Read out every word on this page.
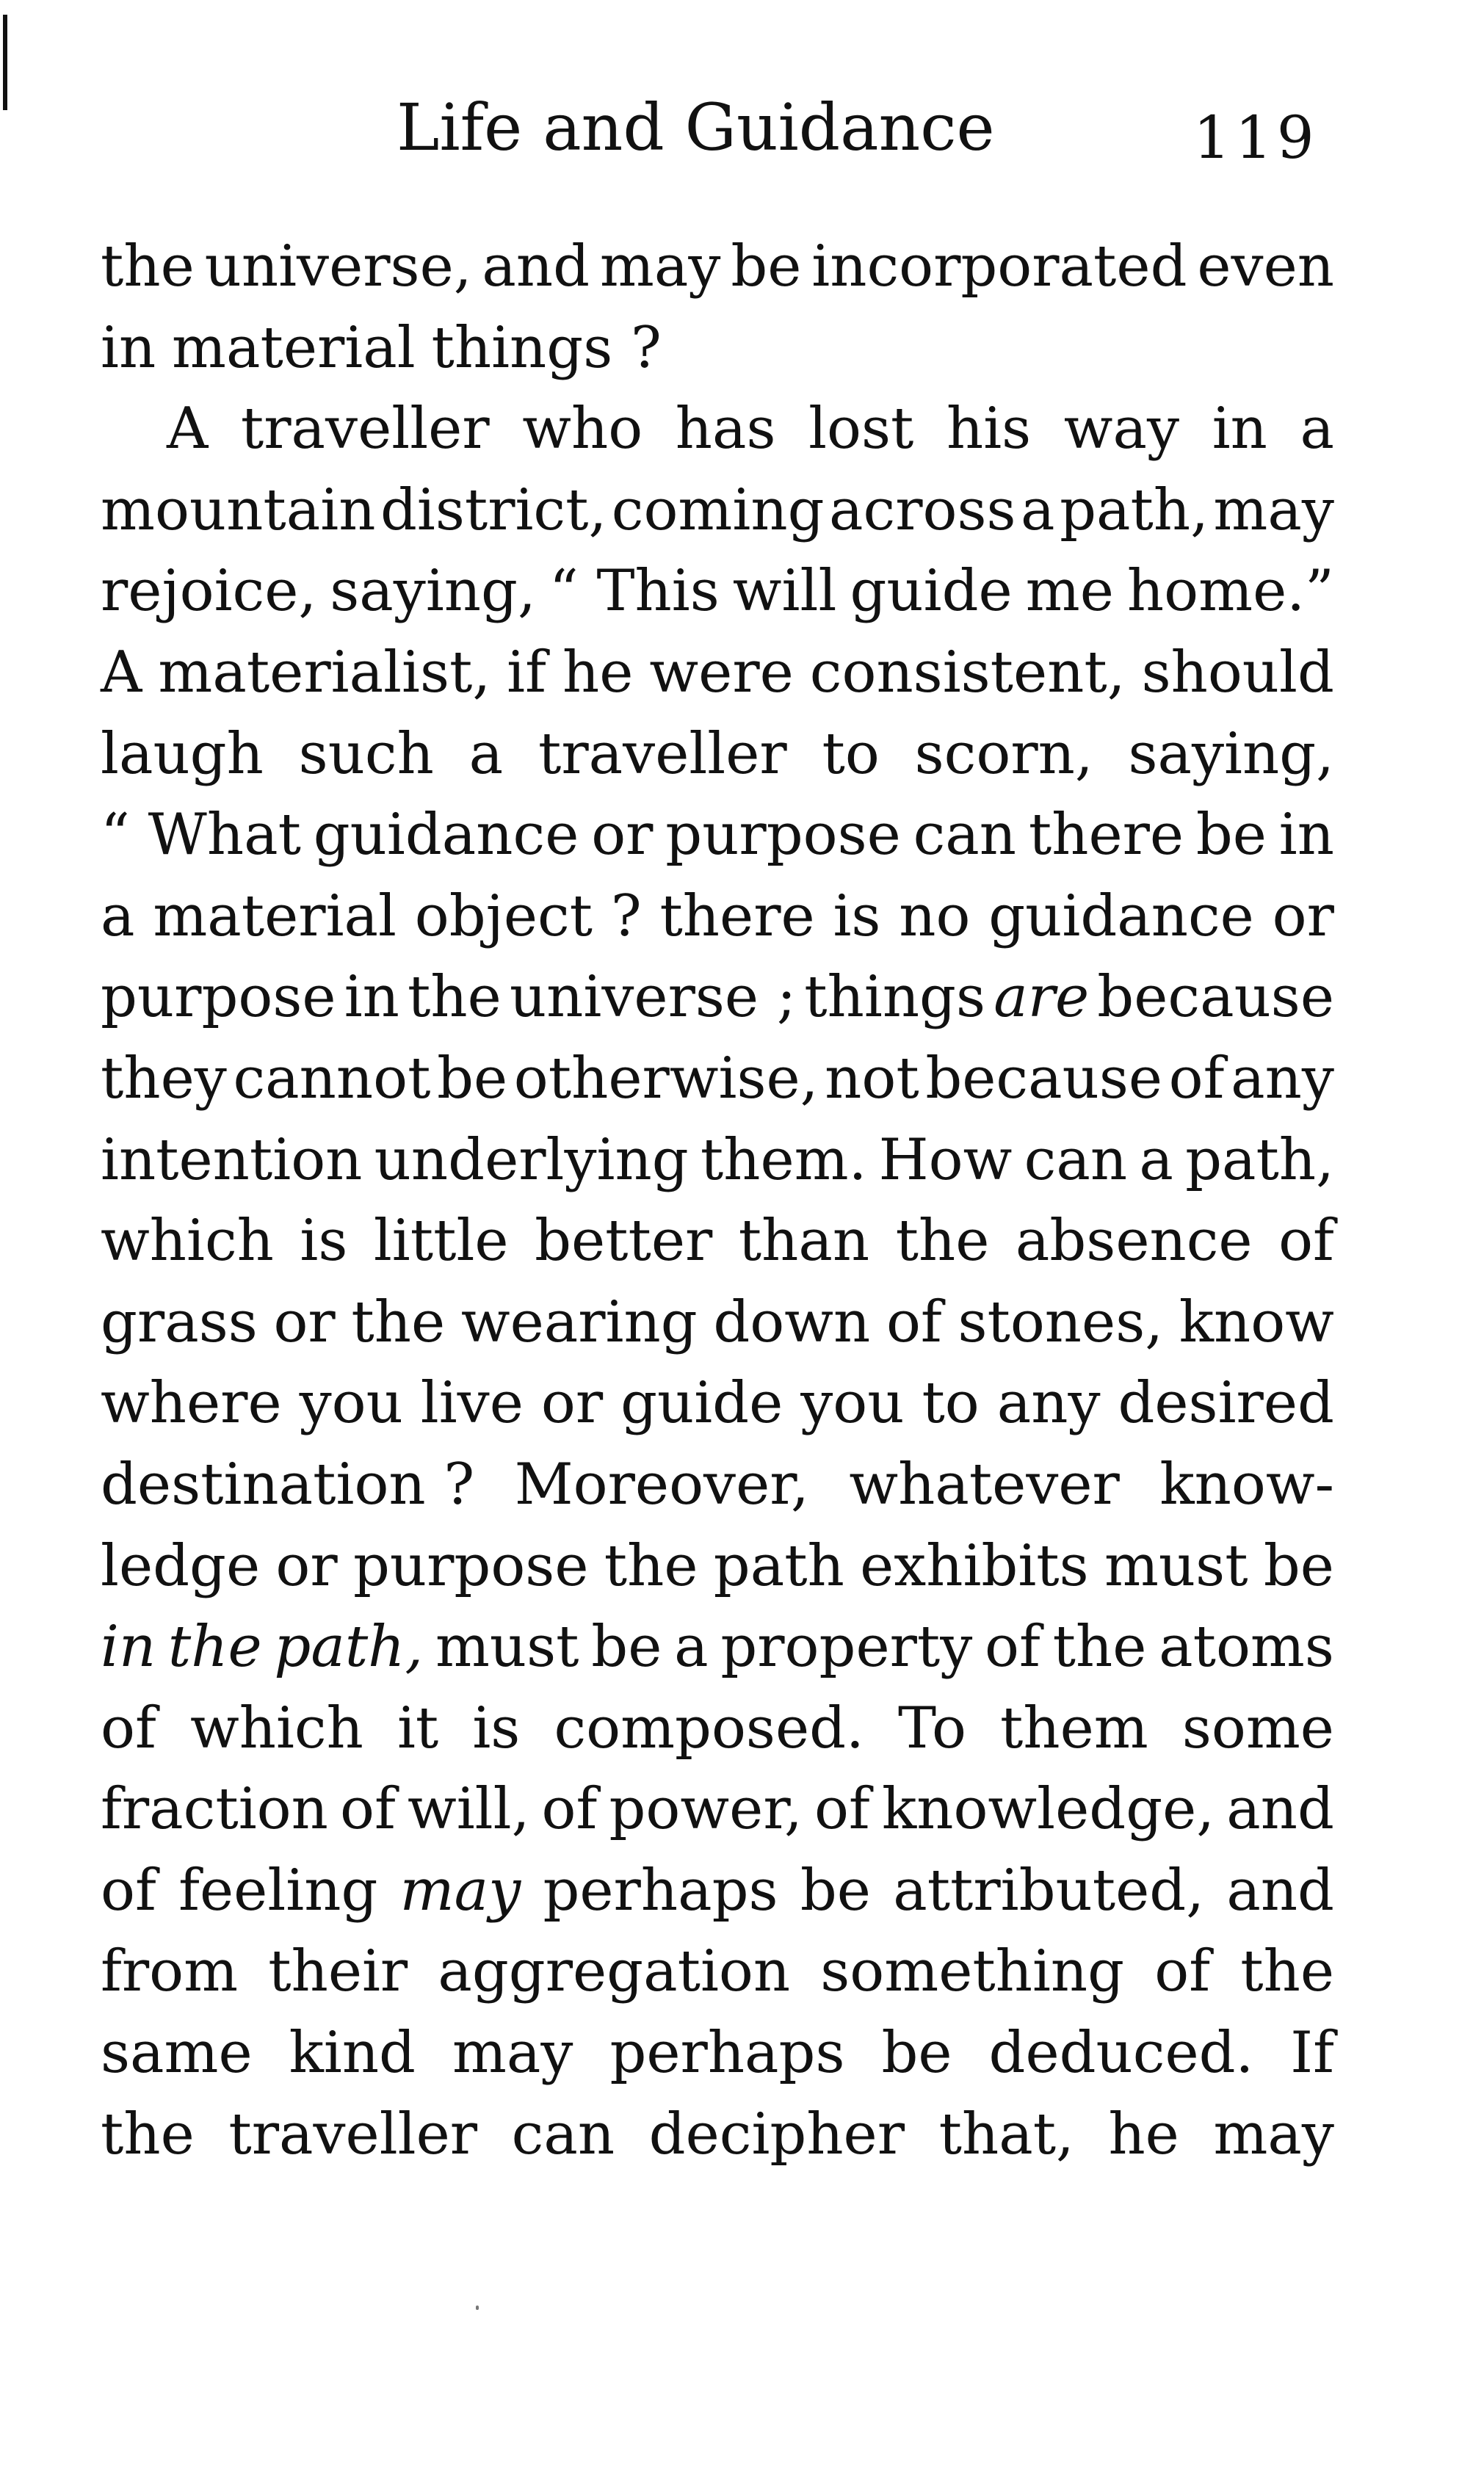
Life and Guidance	119
the universe, and may be incorporated even
in material things ?
A traveller who has lost his way in a
mountain district, coming across a path, may
rejoice, saying, “ This will guide me home.”
A materialist, if he were consistent, should
laugh such a traveller to scorn, saying,
“ What guidance or purpose can there be in
a material object ? there is no guidance or
purpose in the universe ; things are because
they cannot be otherwise, not because of any
intention underlying them. How can a path,
which is little better than the absence of
grass or the wearing down of stones, know
where you live or guide you to any desired
destination ? Moreover, whatever know-
ledge or purpose the path exhibits must be
in the path, must be a property of the atoms
of which it is composed. To them some
fraction of will, of power, of knowledge, and
of feeling may perhaps be attributed, and
from their aggregation something of the
same kind may perhaps be deduced. If
the traveller can decipher that, he may
